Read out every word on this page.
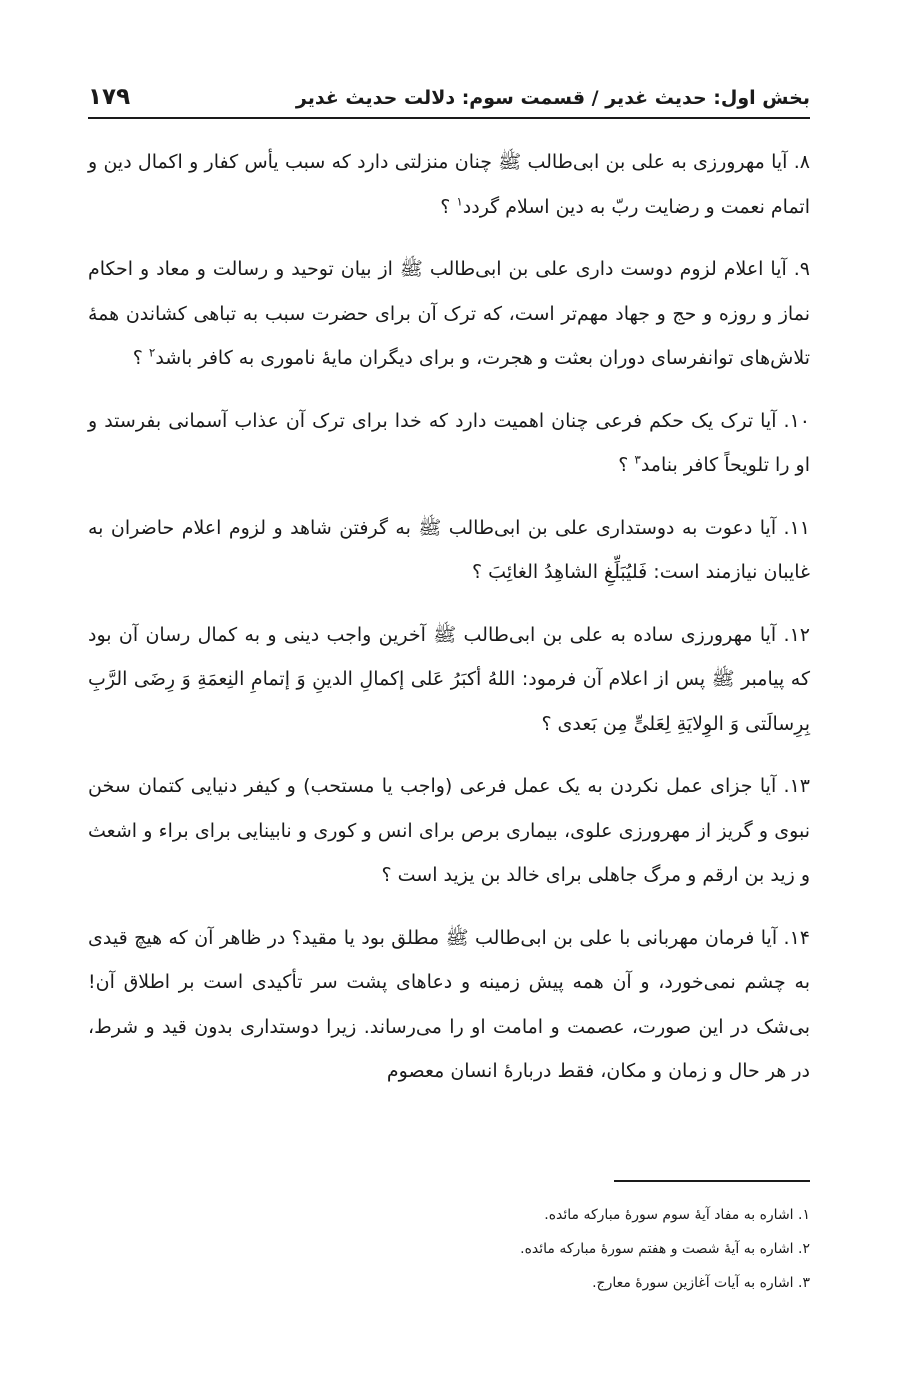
بخش اول: حدیث غدیر / قسمت سوم: دلالت حدیث غدیر
۱۷۹

۸. آیا مهرورزی به علی بن ابی‌طالب ﷺ چنان منزلتی دارد که سبب یأس کفار و اکمال دین و اتمام نعمت و رضایت ربّ به دین اسلام گردد$^۱$ ؟

۹. آیا اعلام لزوم دوست داری علی بن ابی‌طالب ﷺ از بیان توحید و رسالت و معاد و احکام نماز و روزه و حج و جهاد مهم‌تر است، که ترک آن برای حضرت سبب به تباهی کشاندن همهٔ تلاش‌های توانفرسای دوران بعثت و هجرت، و برای دیگران مایهٔ ناموری به کافر باشد$^۲$ ؟

۱۰. آیا ترک یک حکم فرعی چنان اهمیت دارد که خدا برای ترک آن عذاب آسمانی بفرستد و او را تلویحاً کافر بنامد$^۳$ ؟

۱۱. آیا دعوت به دوستداری علی بن ابی‌طالب ﷺ به گرفتن شاهد و لزوم اعلام حاضران به غایبان نیازمند است: فَلیُبَلِّغِ الشاهِدُ الغائِبَ ؟

۱۲. آیا مهرورزی ساده به علی بن ابی‌طالب ﷺ آخرین واجب دینی و به کمال رسان آن بود که پیامبر ﷺ پس از اعلام آن فرمود: اللهُ أکبَرُ عَلی إکمالِ الدینِ وَ إتمامِ النِعمَةِ وَ رِضَی الرَّبِ بِرِسالَتی وَ الوِلایَةِ لِعَلیٍّ مِن بَعدی ؟

۱۳. آیا جزای عمل نکردن به یک عمل فرعی (واجب یا مستحب) و کیفر دنیایی کتمان سخن نبوی و گریز از مهرورزی علوی، بیماری برص برای انس و کوری و نابینایی برای براء و اشعث و زید بن ارقم و مرگ جاهلی برای خالد بن یزید است ؟

۱۴. آیا فرمان مهربانی با علی بن ابی‌طالب ﷺ مطلق بود یا مقید؟ در ظاهر آن که هیچ قیدی به چشم نمی‌خورد، و آن همه پیش زمینه و دعاهای پشت سر تأکیدی است بر اطلاق آن! بی‌شک در این صورت، عصمت و امامت او را می‌رساند. زیرا دوستداری بدون قید و شرط، در هر حال و زمان و مکان، فقط دربارهٔ انسان معصوم

۱. اشاره به مفاد آیهٔ سوم سورهٔ مبارکه مائده.

۲. اشاره به آیهٔ شصت و هفتم سورهٔ مبارکه مائده.

۳. اشاره به آیات آغازین سورهٔ معارج.
